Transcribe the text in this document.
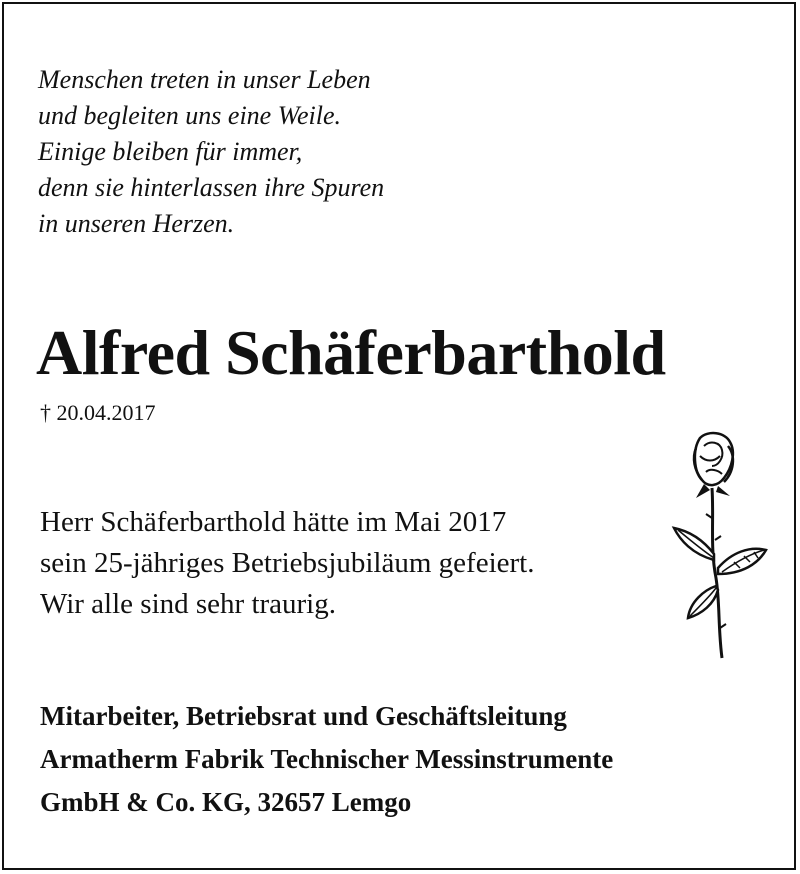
Menschen treten in unser Leben
und begleiten uns eine Weile.
Einige bleiben für immer,
denn sie hinterlassen ihre Spuren
in unseren Herzen.
Alfred Schäferbarthold
† 20.04.2017
Herr Schäferbarthold hätte im Mai 2017
sein 25-jähriges Betriebsjubiläum gefeiert.
Wir alle sind sehr traurig.
Mitarbeiter, Betriebsrat und Geschäftsleitung
Armatherm Fabrik Technischer Messinstrumente
GmbH & Co. KG, 32657 Lemgo
